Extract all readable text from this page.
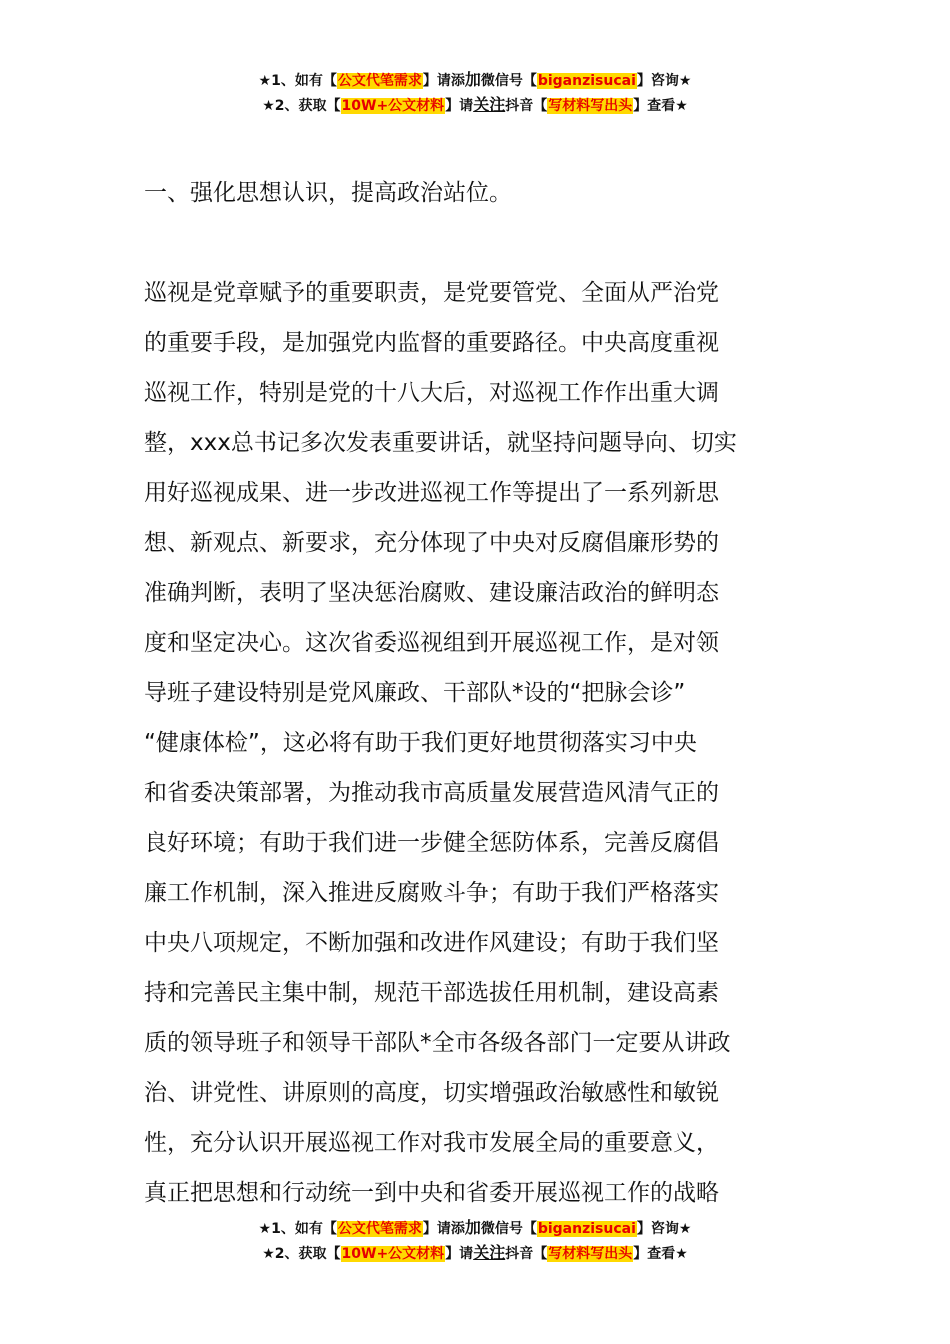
★1、如有【公文代笔需求】请添加微信号【biganzisucai】咨询★
★2、获取【10W+公文材料】请关注抖音【写材料写出头】查看★
一、强化思想认识，提高政治站位。

巡视是党章赋予的重要职责，是党要管党、全面从严治党
的重要手段，是加强党内监督的重要路径。中央高度重视
巡视工作，特别是党的十八大后，对巡视工作作出重大调
整，xxx总书记多次发表重要讲话，就坚持问题导向、切实
用好巡视成果、进一步改进巡视工作等提出了一系列新思
想、新观点、新要求，充分体现了中央对反腐倡廉形势的
准确判断，表明了坚决惩治腐败、建设廉洁政治的鲜明态
度和坚定决心。这次省委巡视组到开展巡视工作，是对领
导班子建设特别是党风廉政、干部队*设的“把脉会诊”
“健康体检”，这必将有助于我们更好地贯彻落实习中央
和省委决策部署，为推动我市高质量发展营造风清气正的
良好环境；有助于我们进一步健全惩防体系，完善反腐倡
廉工作机制，深入推进反腐败斗争；有助于我们严格落实
中央八项规定，不断加强和改进作风建设；有助于我们坚
持和完善民主集中制，规范干部选拔任用机制，建设高素
质的领导班子和领导干部队*全市各级各部门一定要从讲政
治、讲党性、讲原则的高度，切实增强政治敏感性和敏锐
性，充分认识开展巡视工作对我市发展全局的重要意义，
真正把思想和行动统一到中央和省委开展巡视工作的战略

★1、如有【公文代笔需求】请添加微信号【biganzisucai】咨询★
★2、获取【10W+公文材料】请关注抖音【写材料写出头】查看★
